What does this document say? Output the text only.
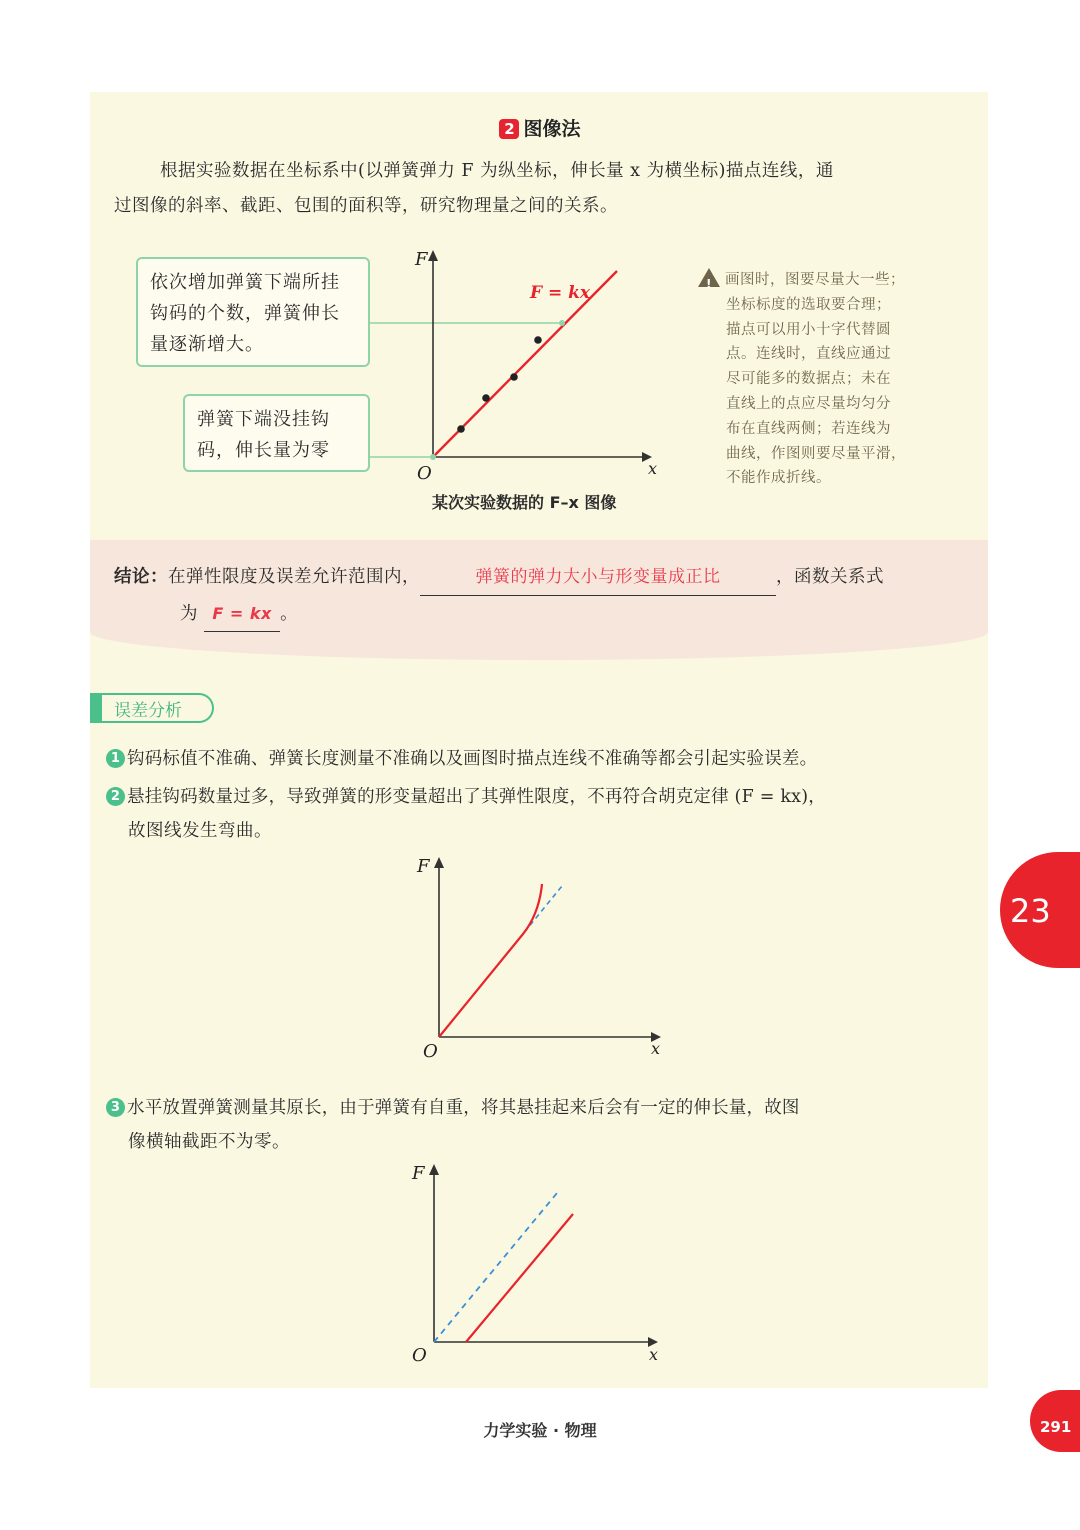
2 图像法
根据实验数据在坐标系中(以弹簧弹力 F 为纵坐标，伸长量 x 为横坐标)描点连线，通
过图像的斜率、截距、包围的面积等，研究物理量之间的关系。
依次增加弹簧下端所挂钩码的个数，弹簧伸长量逐渐增大。
弹簧下端没挂钩码，伸长量为零
F
x
O
F = kx
某次实验数据的 F–x 图像
! 画图时，图要尽量大一些；
坐标标度的选取要合理；
描点可以用小十字代替圆
点。连线时，直线应通过
尽可能多的数据点；未在
直线上的点应尽量均匀分
布在直线两侧；若连线为
曲线，作图则要尽量平滑，
不能作成折线。
结论：在弹性限度及误差允许范围内，	弹簧的弹力大小与形变量成正比	，函数关系式
为 F = kx 。
误差分析
1 钩码标值不准确、弹簧长度测量不准确以及画图时描点连线不准确等都会引起实验误差。
2 悬挂钩码数量过多，导致弹簧的形变量超出了其弹性限度，不再符合胡克定律 (F = kx)，
故图线发生弯曲。
F
x
O
3 水平放置弹簧测量其原长，由于弹簧有自重，将其悬挂起来后会有一定的伸长量，故图
像横轴截距不为零。
F
x
O
23
力学实验 · 物理	291
